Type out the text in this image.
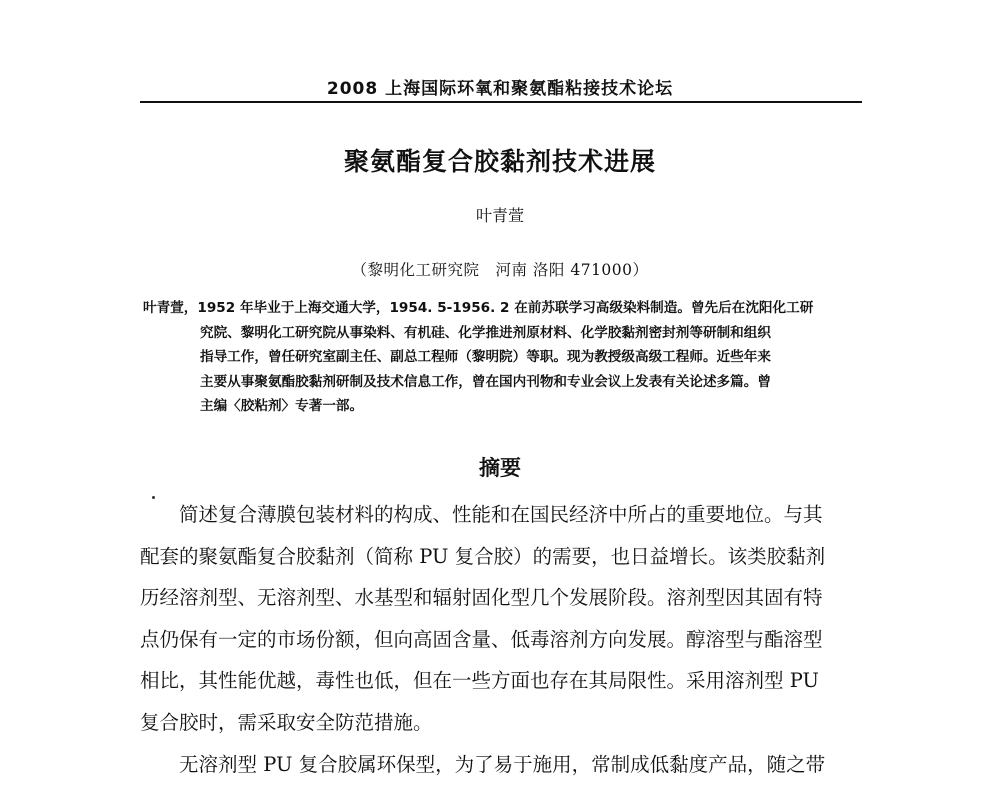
2008 上海国际环氧和聚氨酯粘接技术论坛
聚氨酯复合胶黏剂技术进展
叶青萱
（黎明化工研究院　河南 洛阳 471000）
叶青萱，1952 年毕业于上海交通大学，1954. 5-1956. 2 在前苏联学习高级染料制造。曾先后在沈阳化工研
究院、黎明化工研究院从事染料、有机硅、化学推进剂原材料、化学胶黏剂密封剂等研制和组织
指导工作，曾任研究室副主任、副总工程师（黎明院）等职。现为教授级高级工程师。近些年来
主要从事聚氨酯胶黏剂研制及技术信息工作，曾在国内刊物和专业会议上发表有关论述多篇。曾
主编〈胶粘剂〉专著一部。
摘要
　　简述复合薄膜包装材料的构成、性能和在国民经济中所占的重要地位。与其
配套的聚氨酯复合胶黏剂（简称 PU 复合胶）的需要，也日益增长。该类胶黏剂
历经溶剂型、无溶剂型、水基型和辐射固化型几个发展阶段。溶剂型因其固有特
点仍保有一定的市场份额，但向高固含量、低毒溶剂方向发展。醇溶型与酯溶型
相比，其性能优越，毒性也低，但在一些方面也存在其局限性。采用溶剂型 PU
复合胶时，需采取安全防范措施。
　　无溶剂型 PU 复合胶属环保型，为了易于施用，常制成低黏度产品，随之带
